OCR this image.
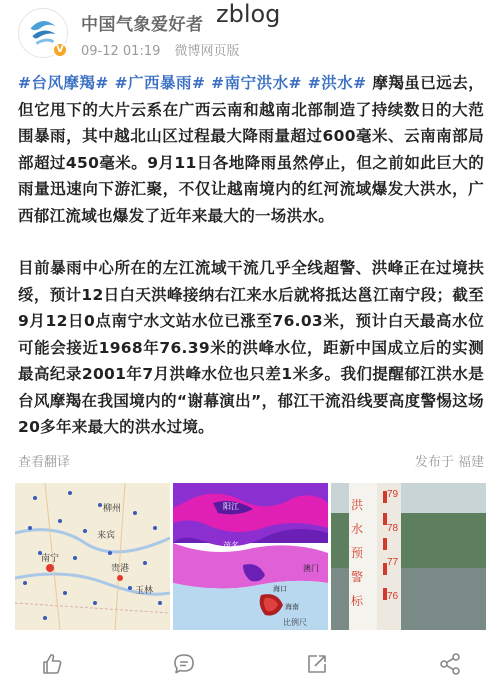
V
中国气象爱好者 zblog
09-12 01:19 微博网页版

#台风摩羯# #广西暴雨# #南宁洪水# #洪水# 摩羯虽已远去，但它甩下的大片云系在广西云南和越南北部制造了持续数日的大范围暴雨，其中越北山区过程最大降雨量超过600毫米、云南南部局部超过450毫米。9月11日各地降雨虽然停止，但之前如此巨大的雨量迅速向下游汇聚，不仅让越南境内的红河流域爆发大洪水，广西郁江流域也爆发了近年来最大的一场洪水。

目前暴雨中心所在的左江流域干流几乎全线超警、洪峰正在过境扶绥，预计12日白天洪峰接纳右江来水后就将抵达邕江南宁段；截至9月12日0点南宁水文站水位已涨至76.03米，预计白天最高水位可能会接近1968年76.39米的洪峰水位，距新中国成立后的实测最高纪录2001年7月洪峰水位也只差1米多。我们提醒郁江洪水是台风摩羯在我国境内的“谢幕演出”，郁江干流沿线要高度警惕这场20多年来最大的洪水过境。

查看翻译	发布于 福建
柳州
来宾
南宁
贵港
玉林
阳江
茂名
澳门
海南
海口
比例尺
洪
水
预
警
标
79
78
77
76
